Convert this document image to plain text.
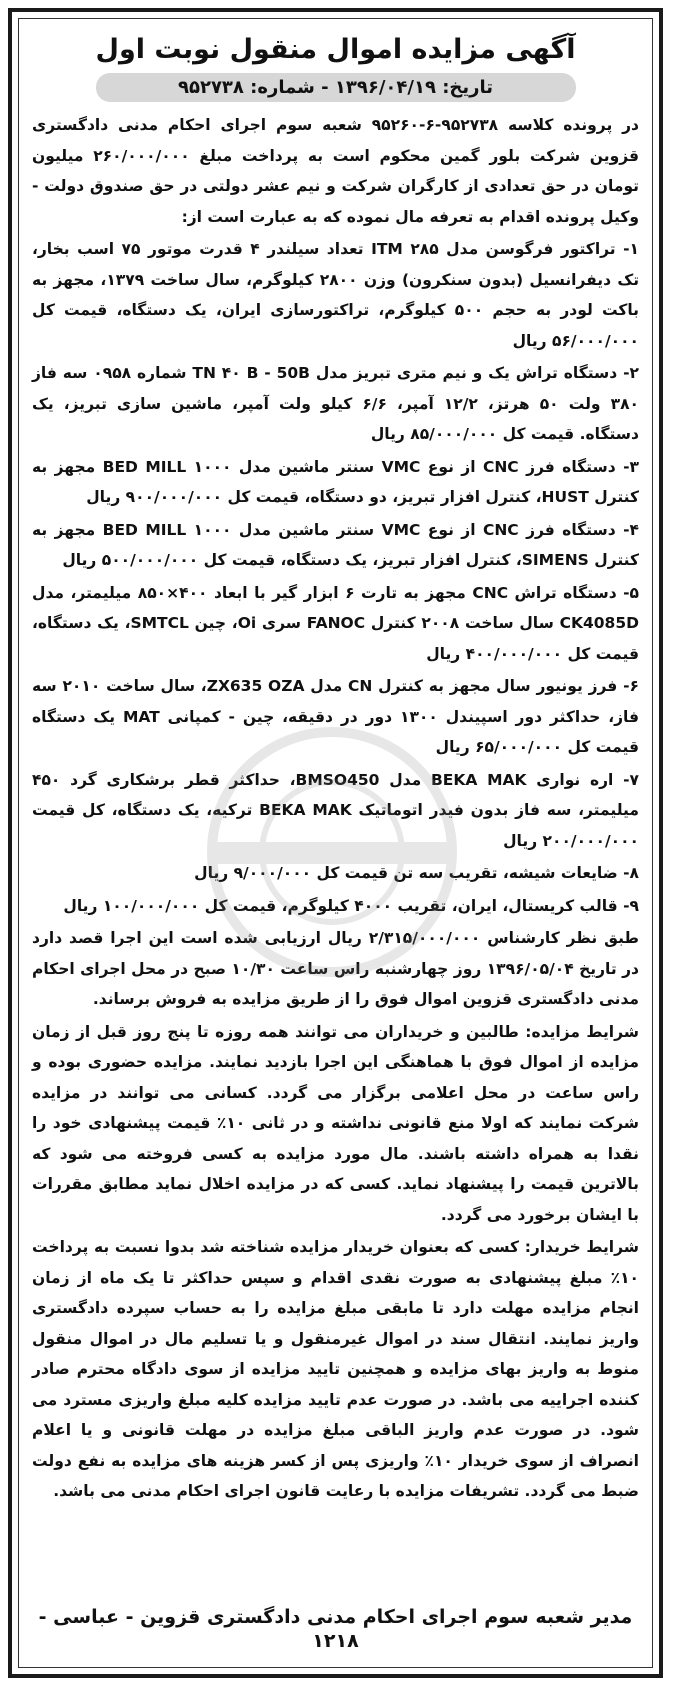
آگهی مزایده اموال منقول نوبت اول
تاریخ: ۱۳۹۶/۰۴/۱۹ - شماره: ۹۵۲۷۳۸

در پرونده کلاسه ۹۵۲۷۳۸-۶-۹۵۲۶۰ شعبه سوم اجرای احکام مدنی دادگستری قزوین شرکت بلور گمین محکوم است به پرداخت مبلغ ۲۶۰/۰۰۰/۰۰۰ میلیون تومان در حق تعدادی از کارگران شرکت و نیم عشر دولتی در حق صندوق دولت - وکیل پرونده اقدام به تعرفه مال نموده که به عبارت است از:

۱- تراکتور فرگوسن مدل ITM ۲۸۵ تعداد سیلندر ۴ قدرت موتور ۷۵ اسب بخار، تک دیفرانسیل (بدون سنکرون) وزن ۲۸۰۰ کیلوگرم، سال ساخت ۱۳۷۹، مجهز به باکت لودر به حجم ۵۰۰ کیلوگرم، تراکتورسازی ایران، یک دستگاه، قیمت کل ۵۶/۰۰۰/۰۰۰ ریال

۲- دستگاه تراش یک و نیم متری تبریز مدل TN ۴۰ B - 50B شماره ۰۹۵۸ سه فاز ۳۸۰ ولت ۵۰ هرتز، ۱۲/۲ آمپر، ۶/۶ کیلو ولت آمپر، ماشین سازی تبریز، یک دستگاه. قیمت کل ۸۵/۰۰۰/۰۰۰ ریال

۳- دستگاه فرز CNC از نوع VMC سنتر ماشین مدل BED MILL ۱۰۰۰ مجهز به کنترل HUST، کنترل افزار تبریز، دو دستگاه، قیمت کل ۹۰۰/۰۰۰/۰۰۰ ریال

۴- دستگاه فرز CNC از نوع VMC سنتر ماشین مدل BED MILL ۱۰۰۰ مجهز به کنترل SIMENS، کنترل افزار تبریز، یک دستگاه، قیمت کل ۵۰۰/۰۰۰/۰۰۰ ریال

۵- دستگاه تراش CNC مجهز به تارت ۶ ابزار گیر با ابعاد ۴۰۰×۸۵۰ میلیمتر، مدل CK4085D سال ساخت ۲۰۰۸ کنترل FANOC سری Oi، چین SMTCL، یک دستگاه، قیمت کل ۴۰۰/۰۰۰/۰۰۰ ریال

۶- فرز یونیور سال مجهز به کنترل CN مدل ZX635 OZA، سال ساخت ۲۰۱۰ سه فاز، حداکثر دور اسپیندل ۱۳۰۰ دور در دقیقه، چین - کمپانی MAT یک دستگاه قیمت کل ۶۵/۰۰۰/۰۰۰ ریال

۷- اره نواری BEKA MAK مدل BMSO450، حداکثر قطر برشکاری گرد ۴۵۰ میلیمتر، سه فاز بدون فیدر اتوماتیک BEKA MAK ترکیه، یک دستگاه، کل قیمت ۲۰۰/۰۰۰/۰۰۰ ریال

۸- ضایعات شیشه، تقریب سه تن قیمت کل ۹/۰۰۰/۰۰۰ ریال

۹- قالب کریستال، ایران، تقریب ۴۰۰۰ کیلوگرم، قیمت کل ۱۰۰/۰۰۰/۰۰۰ ریال

طبق نظر کارشناس ۲/۳۱۵/۰۰۰/۰۰۰ ریال ارزیابی شده است این اجرا قصد دارد در تاریخ ۱۳۹۶/۰۵/۰۴ روز چهارشنبه راس ساعت ۱۰/۳۰ صبح در محل اجرای احکام مدنی دادگستری قزوین اموال فوق را از طریق مزایده به فروش برساند.

شرایط مزایده: طالبین و خریداران می توانند همه روزه تا پنج روز قبل از زمان مزایده از اموال فوق با هماهنگی این اجرا بازدید نمایند. مزایده حضوری بوده و راس ساعت در محل اعلامی برگزار می گردد. کسانی می توانند در مزایده شرکت نمایند که اولا منع قانونی نداشته و در ثانی ۱۰٪ قیمت پیشنهادی خود را نقدا به همراه داشته باشند. مال مورد مزایده به کسی فروخته می شود که بالاترین قیمت را پیشنهاد نماید. کسی که در مزایده اخلال نماید مطابق مقررات با ایشان برخورد می گردد.

شرایط خریدار: کسی که بعنوان خریدار مزایده شناخته شد بدوا نسبت به پرداخت ۱۰٪ مبلغ پیشنهادی به صورت نقدی اقدام و سپس حداکثر تا یک ماه از زمان انجام مزایده مهلت دارد تا مابقی مبلغ مزایده را به حساب سپرده دادگستری واریز نمایند. انتقال سند در اموال غیرمنقول و یا تسلیم مال در اموال منقول منوط به واریز بهای مزایده و همچنین تایید مزایده از سوی دادگاه محترم صادر کننده اجراییه می باشد. در صورت عدم تایید مزایده کلیه مبلغ واریزی مسترد می شود. در صورت عدم واریز الباقی مبلغ مزایده در مهلت قانونی و یا اعلام انصراف از سوی خریدار ۱۰٪ واریزی پس از کسر هزینه های مزایده به نفع دولت ضبط می گردد. تشریفات مزایده با رعایت قانون اجرای احکام مدنی می باشد.

مدیر شعبه سوم اجرای احکام مدنی دادگستری قزوین - عباسی - ۱۲۱۸
